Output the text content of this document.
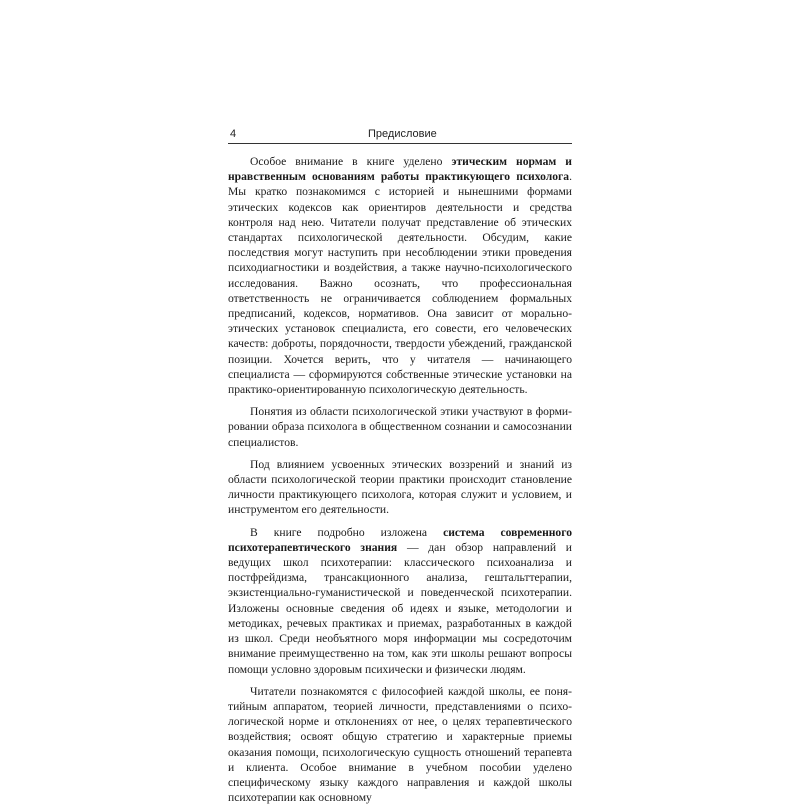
4	Предисловие

Особое внимание в книге уделено этическим нормам и нравственным основаниям работы практикующего психолога. Мы кратко познакомимся с историей и нынешними формами этических кодексов как ориентиров деятельности и средства контроля над нею. Читатели получат представление об этических стандартах психологической деятельности. Обсудим, какие последствия могут наступить при несоблюдении этики проведения психодиагностики и воздействия, а также научно-психологического исследования. Важно осознать, что профессиональная ответственность не ограничивается соблюдением формальных предписаний, кодексов, нормативов. Она зависит от морально-этических установок специалиста, его совести, его человеческих качеств: доброты, порядочности, твердости убеждений, гражданской позиции. Хочется верить, что у читателя — начинающего специалиста — сформируются собственные этические установки на практико-ориентированную психологическую деятельность.

Понятия из области психологической этики участвуют в формировании образа психолога в общественном сознании и самосознании специалистов.

Под влиянием усвоенных этических воззрений и знаний из области психологической теории практики происходит становление личности практикующего психолога, которая служит и условием, и инструментом его деятельности.

В книге подробно изложена система современного психотерапевтического знания — дан обзор направлений и ведущих школ психотерапии: классического психоанализа и постфрейдизма, трансакционного анализа, гештальттерапии, экзистенциально-гуманистической и поведенческой психотерапии. Изложены основные сведения об идеях и языке, методологии и методиках, речевых практиках и приемах, разработанных в каждой из школ. Среди необъятного моря информации мы сосредоточим внимание преимущественно на том, как эти школы решают вопросы помощи условно здоровым психически и физически людям.

Читатели познакомятся с философией каждой школы, ее понятийным аппаратом, теорией личности, представлениями о психологической норме и отклонениях от нее, о целях терапевтического воздействия; освоят общую стратегию и характерные приемы оказания помощи, психологическую сущность отношений терапевта и клиента. Особое внимание в учебном пособии уделено специфическому языку каждого направления и каждой школы психотерапии как основному
